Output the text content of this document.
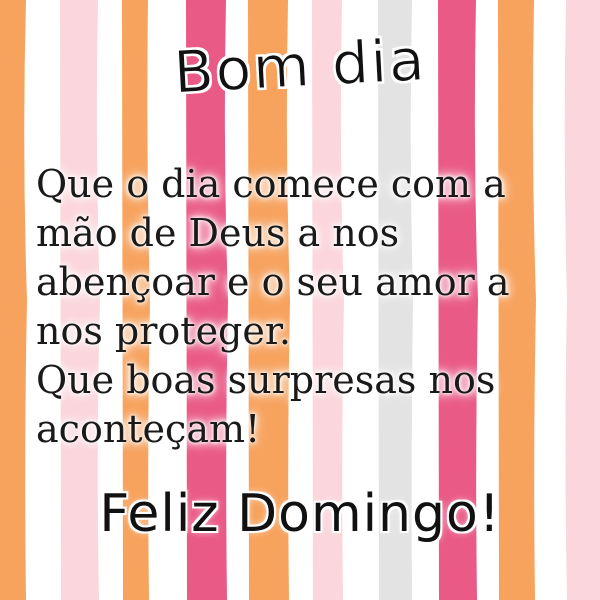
Bom dia

Que o dia comece com a
mão de Deus a nos
abençoar e o seu amor a
nos proteger.
Que boas surpresas nos
aconteçam!

Feliz Domingo!
